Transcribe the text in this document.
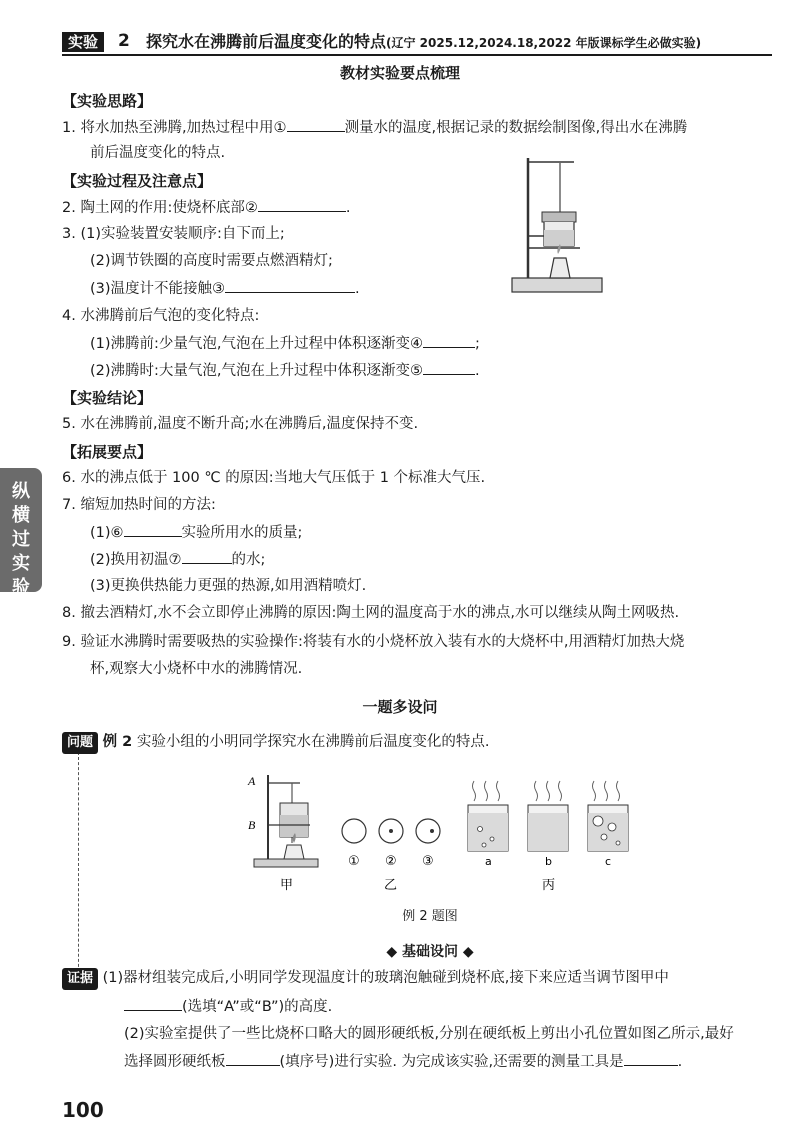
实验	2 探究水在沸腾前后温度变化的特点(辽宁 2025.12,2024.18,2022 年版课标学生必做实验)
教材实验要点梳理
纵横过实验
【实验思路】
1. 将水加热至沸腾,加热过程中用①	测量水的温度,根据记录的数据绘制图像,得出水在沸腾
前后温度变化的特点.
【实验过程及注意点】
2. 陶土网的作用:使烧杯底部②	.
3. (1)实验装置安装顺序:自下而上;
(2)调节铁圈的高度时需要点燃酒精灯;
(3)温度计不能接触③	.
4. 水沸腾前后气泡的变化特点:
(1)沸腾前:少量气泡,气泡在上升过程中体积逐渐变④	;
(2)沸腾时:大量气泡,气泡在上升过程中体积逐渐变⑤	.
【实验结论】
5. 水在沸腾前,温度不断升高;水在沸腾后,温度保持不变.
【拓展要点】
6. 水的沸点低于 100 ℃ 的原因:当地大气压低于 1 个标准大气压.
7. 缩短加热时间的方法:
(1)⑥	实验所用水的质量;
(2)换用初温⑦	的水;
(3)更换供热能力更强的热源,如用酒精喷灯.
8. 撤去酒精灯,水不会立即停止沸腾的原因:陶土网的温度高于水的沸点,水可以继续从陶土网吸热.
9. 验证水沸腾时需要吸热的实验操作:将装有水的小烧杯放入装有水的大烧杯中,用酒精灯加热大烧
杯,观察大小烧杯中水的沸腾情况.
一题多设问
问题 例 2 实验小组的小明同学探究水在沸腾前后温度变化的特点.
A
B
① ② ③	a	b	c
甲	乙	丙
例 2 题图
◆ 基础设问 ◆
证据 (1)器材组装完成后,小明同学发现温度计的玻璃泡触碰到烧杯底,接下来应适当调节图甲中
(选填“A”或“B”)的高度.
(2)实验室提供了一些比烧杯口略大的圆形硬纸板,分别在硬纸板上剪出小孔位置如图乙所示,最好
选择圆形硬纸板	(填序号)进行实验. 为完成该实验,还需要的测量工具是	.
100
